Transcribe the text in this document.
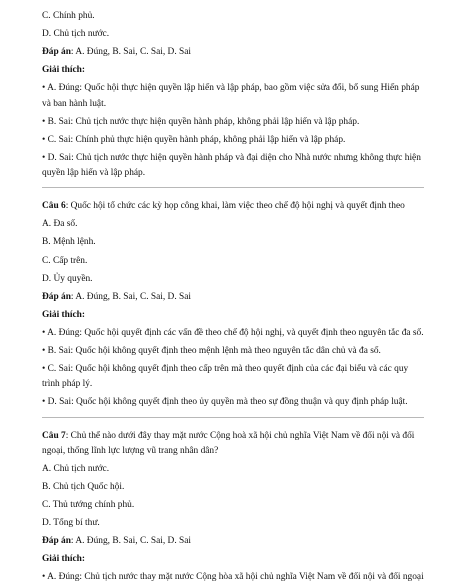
C. Chính phủ.
D. Chủ tịch nước.
Đáp án: A. Đúng, B. Sai, C. Sai, D. Sai
Giải thích:
• A. Đúng: Quốc hội thực hiện quyền lập hiến và lập pháp, bao gồm việc sửa đổi, bổ sung Hiến pháp và ban hành luật.
• B. Sai: Chủ tịch nước thực hiện quyền hành pháp, không phải lập hiến và lập pháp.
• C. Sai: Chính phủ thực hiện quyền hành pháp, không phải lập hiến và lập pháp.
• D. Sai: Chủ tịch nước thực hiện quyền hành pháp và đại diện cho Nhà nước nhưng không thực hiện quyền lập hiến và lập pháp.
Câu 6: Quốc hội tổ chức các kỳ họp công khai, làm việc theo chế độ hội nghị và quyết định theo
A. Đa số.
B. Mệnh lệnh.
C. Cấp trên.
D. Ủy quyền.
Đáp án: A. Đúng, B. Sai, C. Sai, D. Sai
Giải thích:
• A. Đúng: Quốc hội quyết định các vấn đề theo chế độ hội nghị, và quyết định theo nguyên tắc đa số.
• B. Sai: Quốc hội không quyết định theo mệnh lệnh mà theo nguyên tắc dân chủ và đa số.
• C. Sai: Quốc hội không quyết định theo cấp trên mà theo quyết định của các đại biểu và các quy trình pháp lý.
• D. Sai: Quốc hội không quyết định theo ủy quyền mà theo sự đồng thuận và quy định pháp luật.
Câu 7: Chủ thể nào dưới đây thay mặt nước Cộng hoà xã hội chủ nghĩa Việt Nam về đối nội và đối ngoại, thống lĩnh lực lượng vũ trang nhân dân?
A. Chủ tịch nước.
B. Chủ tịch Quốc hội.
C. Thủ tướng chính phủ.
D. Tổng bí thư.
Đáp án: A. Đúng, B. Sai, C. Sai, D. Sai
Giải thích:
• A. Đúng: Chủ tịch nước thay mặt nước Cộng hòa xã hội chủ nghĩa Việt Nam về đối nội và đối ngoại
